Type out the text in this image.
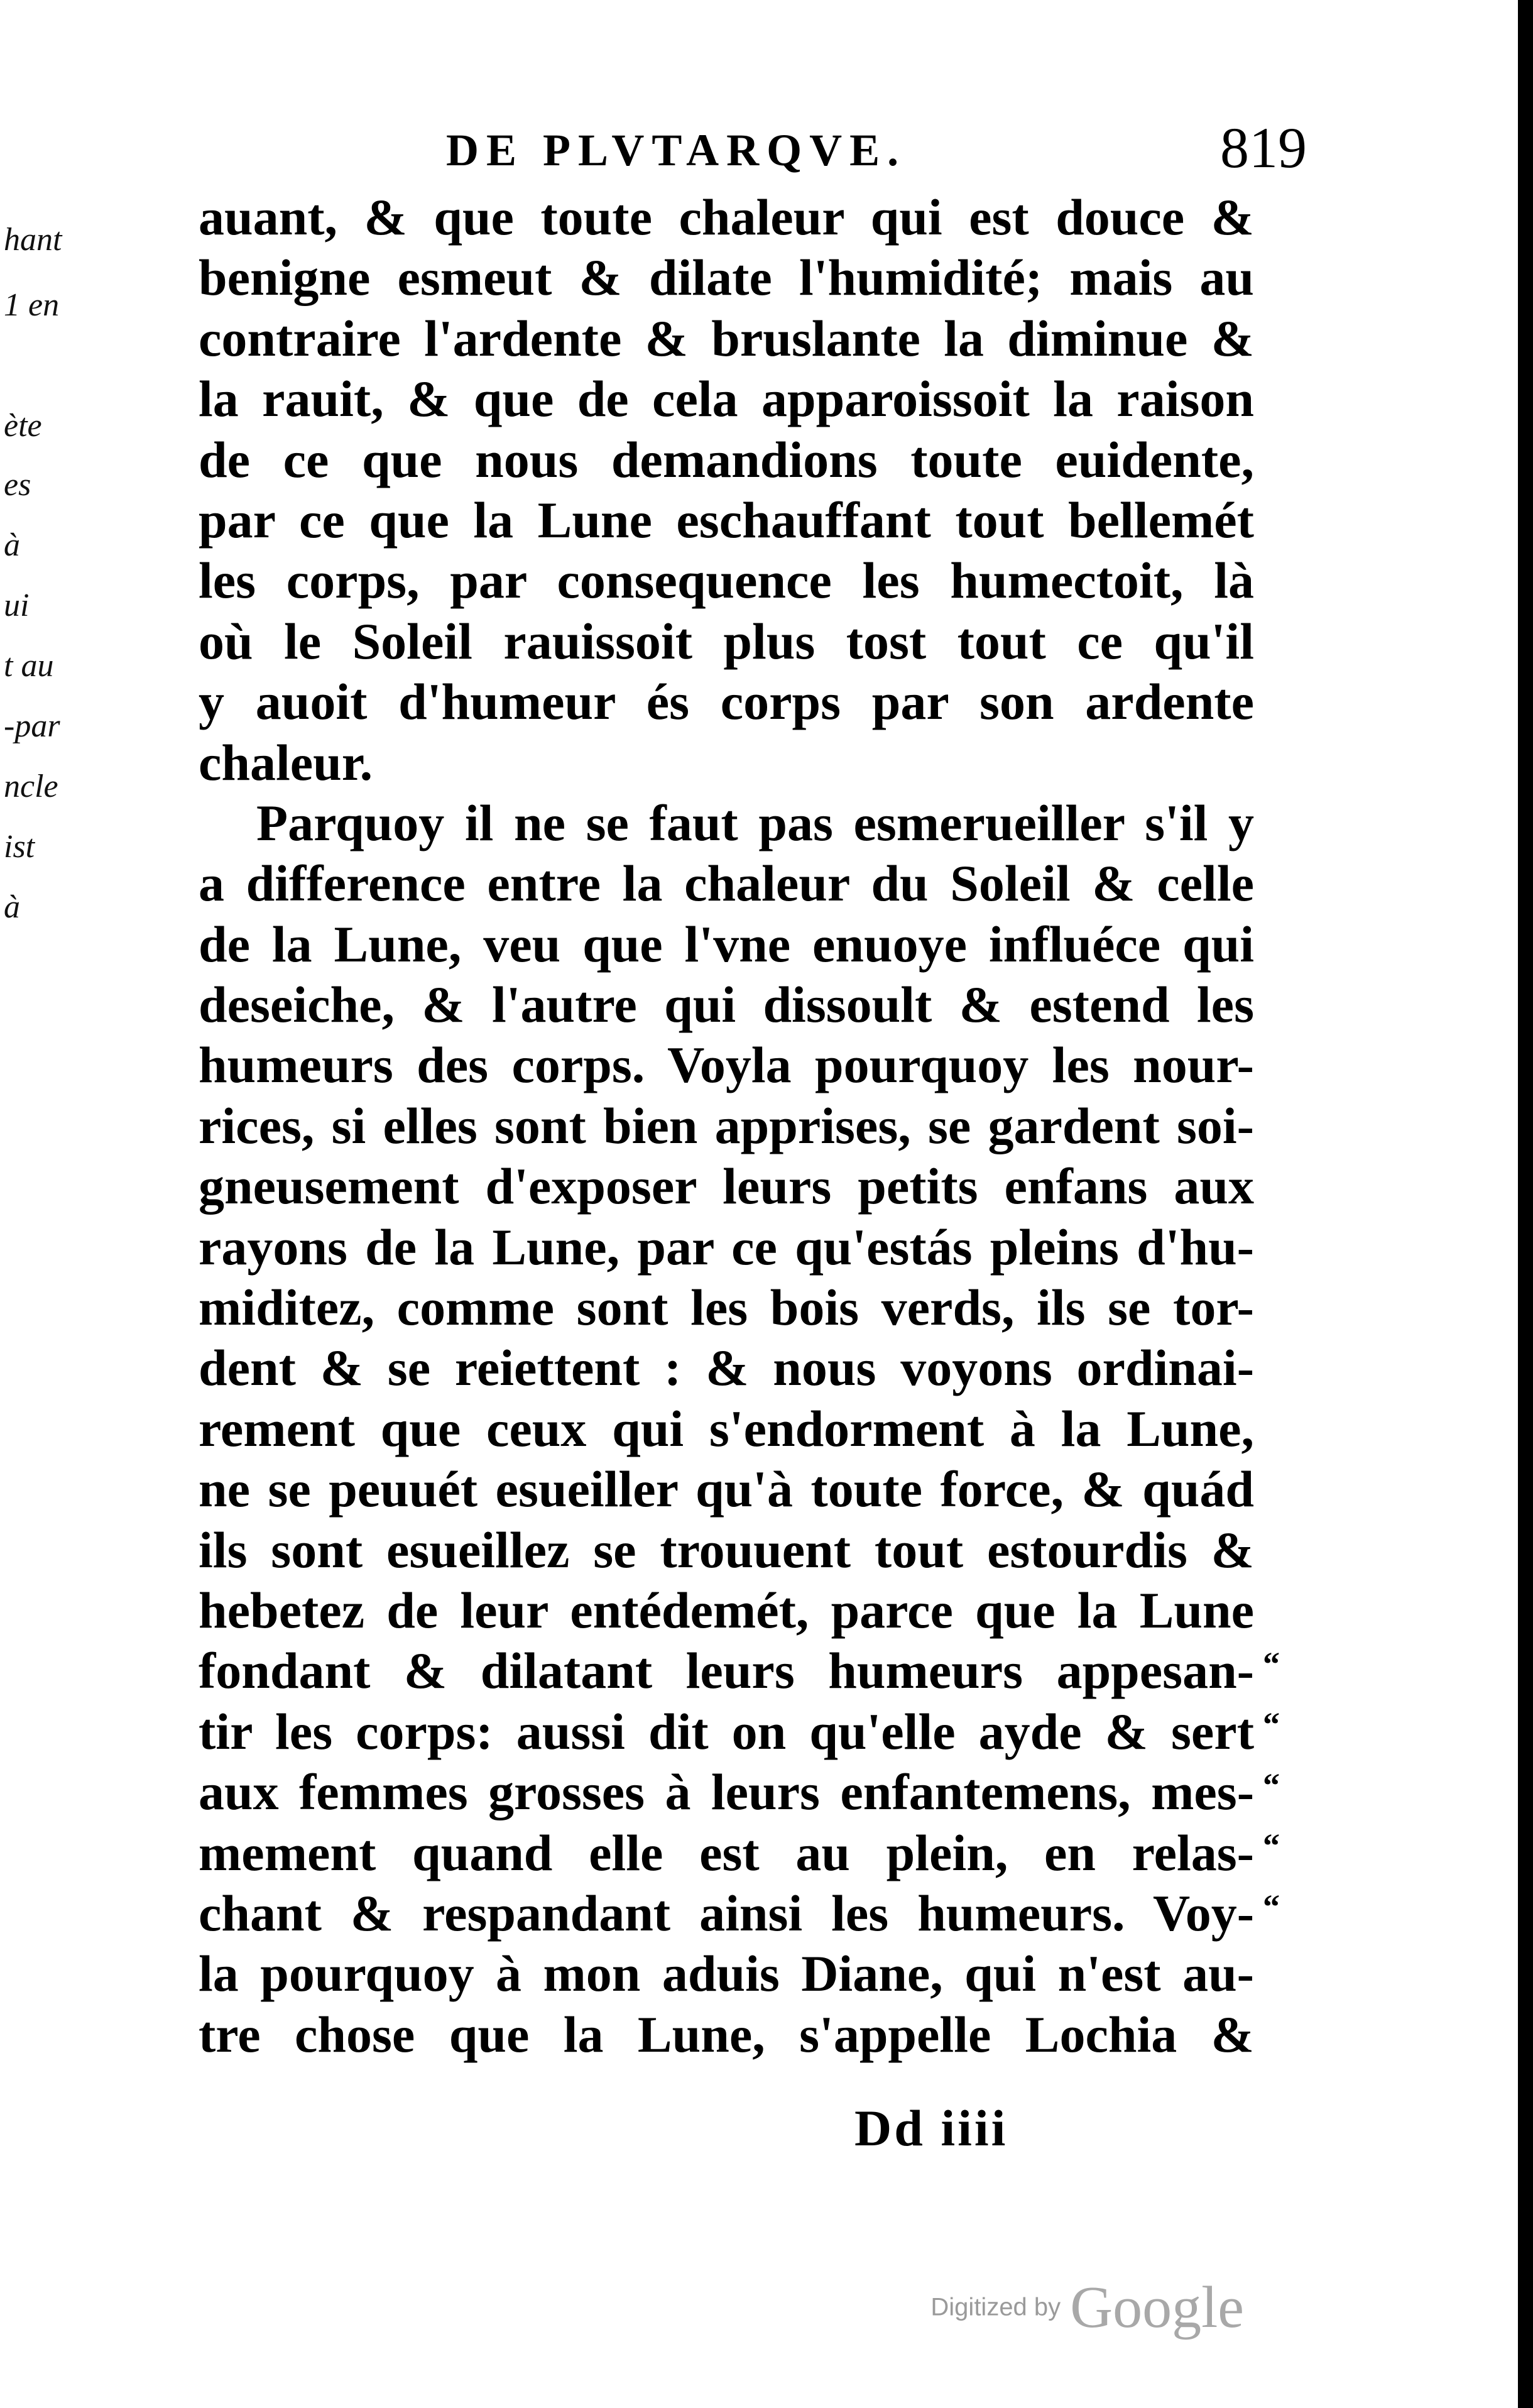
hant
1 en
ète
es
à
ui
t au
-par
ncle
ist
à
DE PLVTARQVE.	819
auant, & que toute chaleur qui est douce &
benigne esmeut & dilate l'humidité; mais au
contraire l'ardente & bruslante la diminue &
la rauit, & que de cela apparoissoit la raison
de ce que nous demandions toute euidente,
par ce que la Lune eschauffant tout bellemét
les corps, par consequence les humectoit, là
où le Soleil rauissoit plus tost tout ce qu'il
y auoit d'humeur és corps par son ardente
chaleur.
Parquoy il ne se faut pas esmerueiller s'il y
a difference entre la chaleur du Soleil & celle
de la Lune, veu que l'vne enuoye influéce qui
deseiche, & l'autre qui dissoult & estend les
humeurs des corps. Voyla pourquoy les nour-
rices, si elles sont bien apprises, se gardent soi-
gneusement d'exposer leurs petits enfans aux
rayons de la Lune, par ce qu'estás pleins d'hu-
miditez, comme sont les bois verds, ils se tor-
dent & se reiettent : & nous voyons ordinai-
rement que ceux qui s'endorment à la Lune,
ne se peuuét esueiller qu'à toute force, & quád
ils sont esueillez se trouuent tout estourdis &
hebetez de leur entédemét, parce que la Lune
fondant & dilatant leurs humeurs appesan-
tir les corps: aussi dit on qu'elle ayde & sert
aux femmes grosses à leurs enfantemens, mes-
mement quand elle est au plein, en relas-
chant & respandant ainsi les humeurs. Voy-
la pourquoy à mon aduis Diane, qui n'est au-
tre chose que la Lune, s'appelle Lochia &
“
“
“
“
“
Dd iiii
Digitized by Google
